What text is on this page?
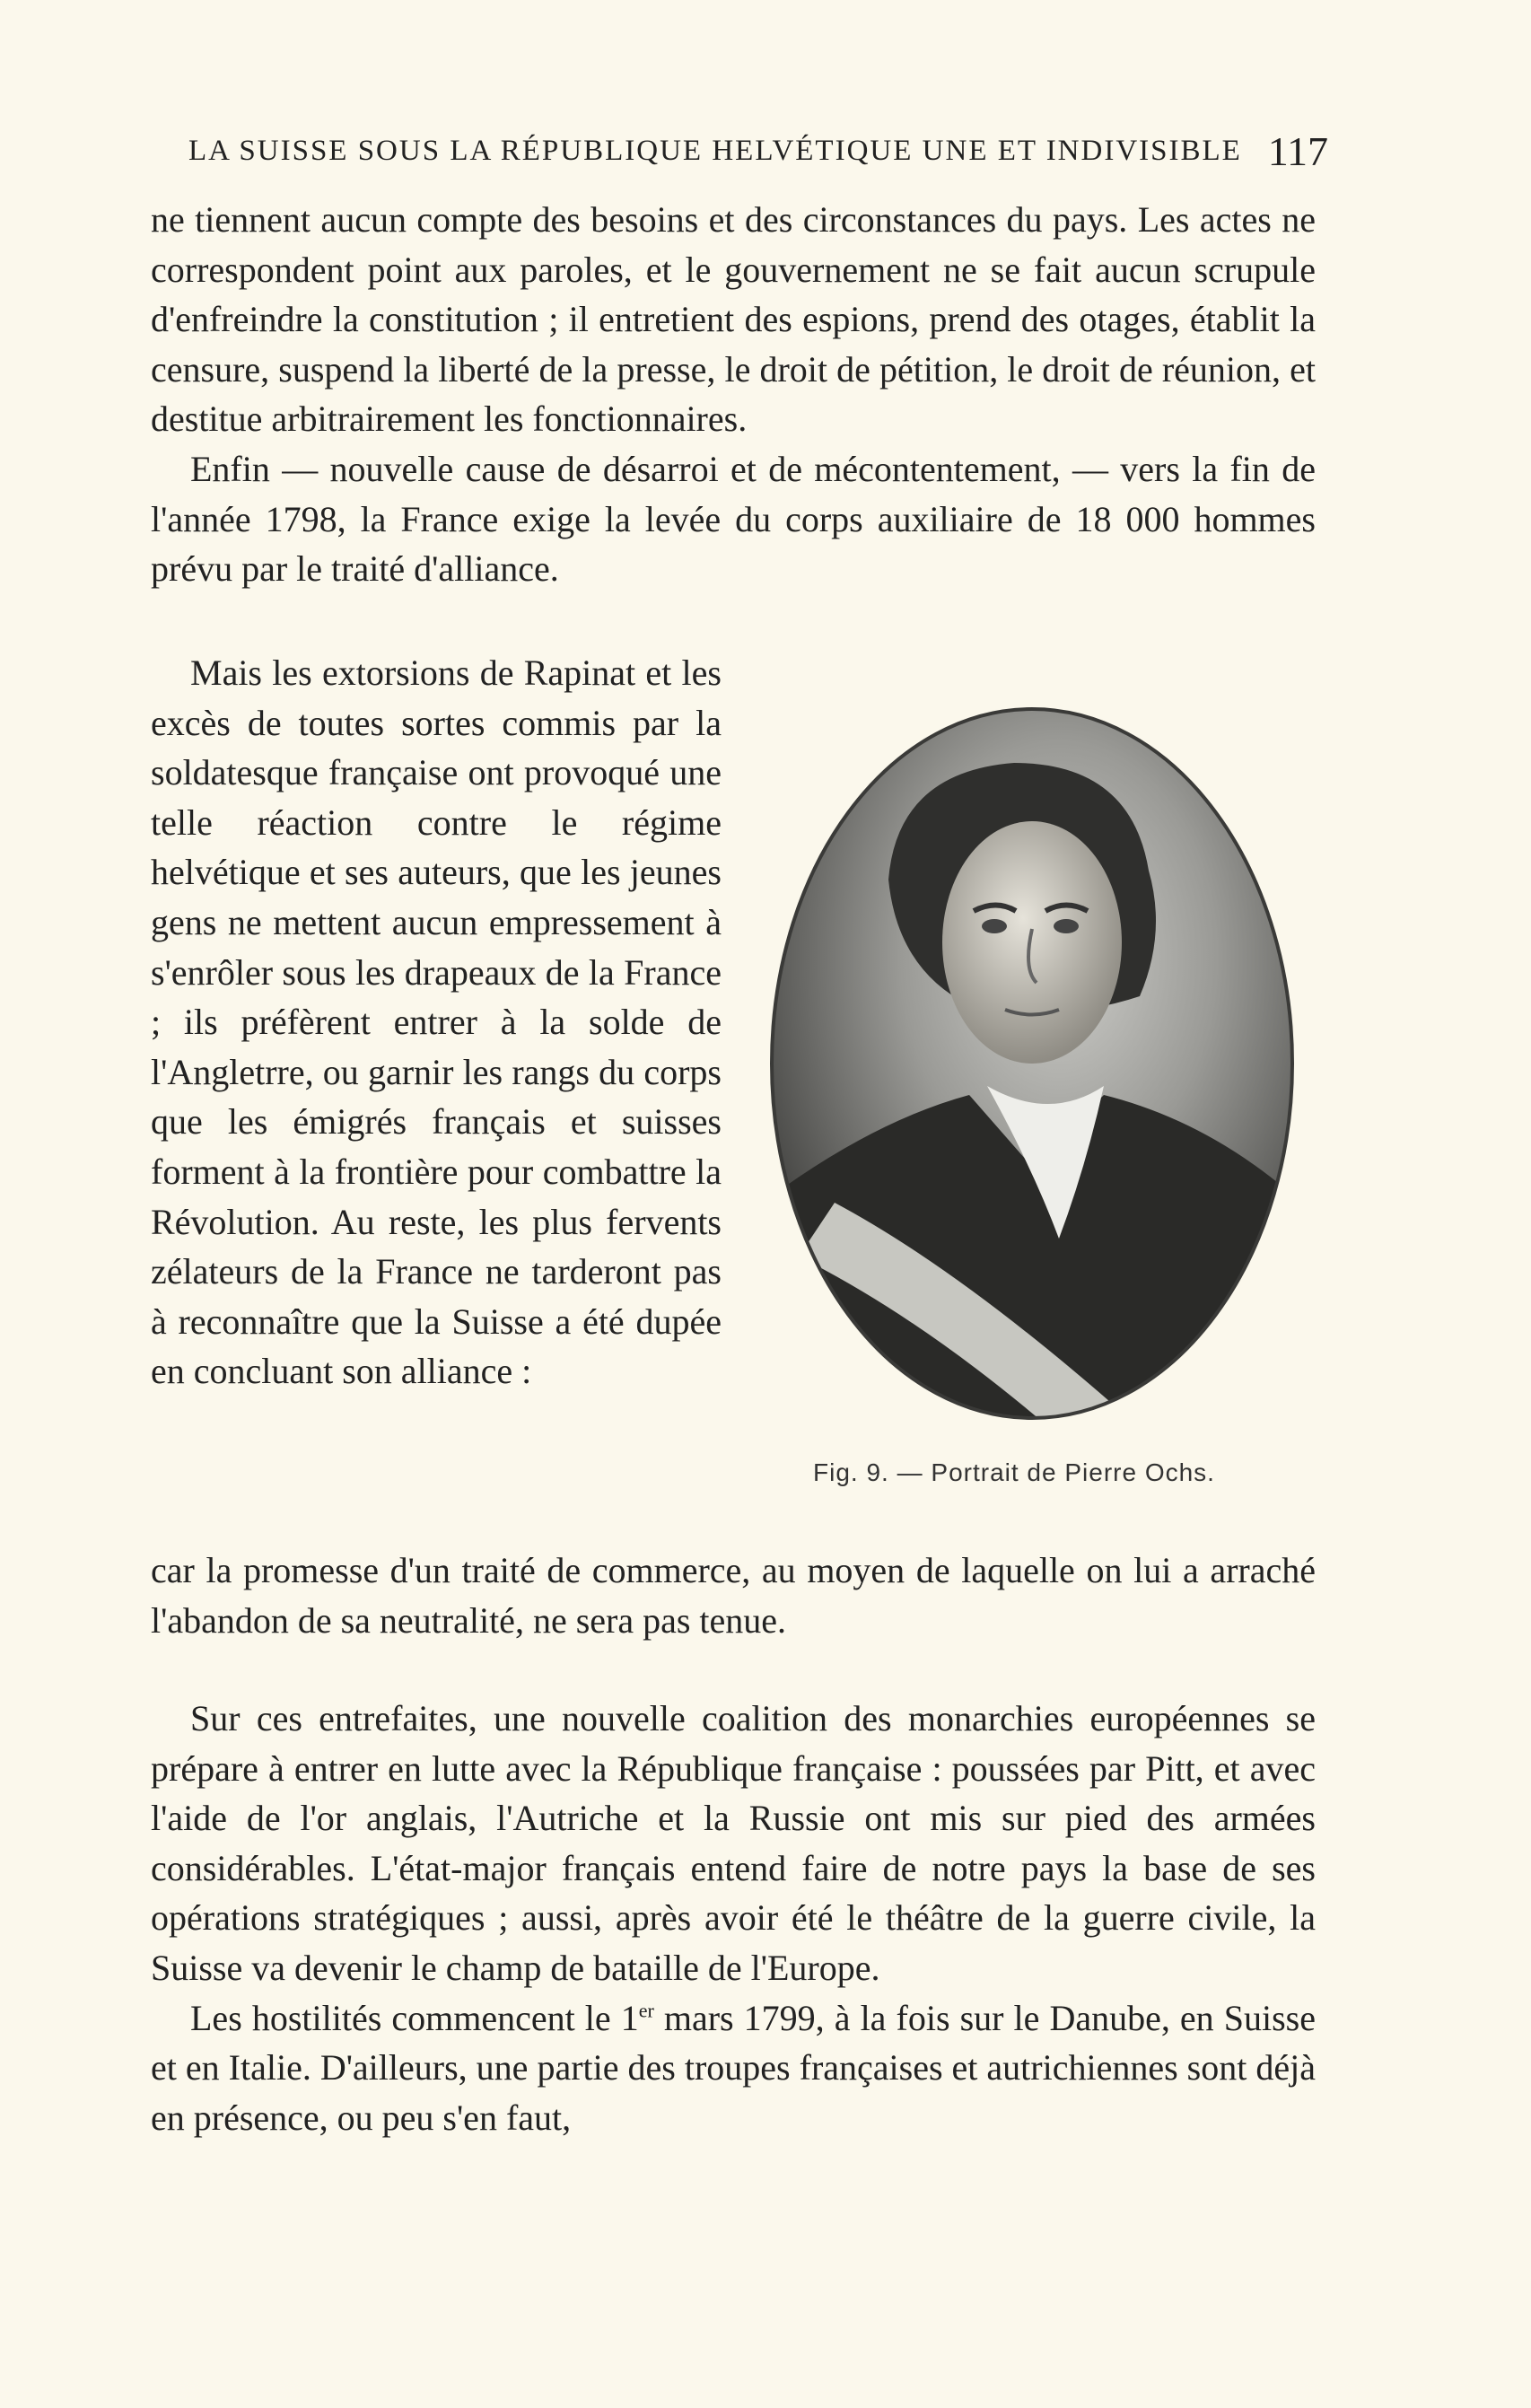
LA SUISSE SOUS LA RÉPUBLIQUE HELVÉTIQUE UNE ET INDIVISIBLE 117

ne tiennent aucun compte des besoins et des circonstances du pays. Les actes ne correspondent point aux paroles, et le gouvernement ne se fait aucun scrupule d'enfreindre la constitution ; il entretient des espions, prend des otages, établit la censure, suspend la liberté de la presse, le droit de pétition, le droit de réunion, et destitue arbitrairement les fonctionnaires.

Enfin — nouvelle cause de désarroi et de mécontentement, — vers la fin de l'année 1798, la France exige la levée du corps auxiliaire de 18 000 hommes prévu par le traité d'alliance.

Mais les extorsions de Rapinat et les excès de toutes sortes commis par la soldatesque française ont provoqué une telle réaction contre le régime helvétique et ses auteurs, que les jeunes gens ne mettent aucun empressement à s'enrôler sous les drapeaux de la France ; ils préfèrent entrer à la solde de l'Angletrre, ou garnir les rangs du corps que les émigrés français et suisses forment à la frontière pour combattre la Révolution. Au reste, les plus fervents zélateurs de la France ne tarderont pas à reconnaître que la Suisse a été dupée en concluant son alliance :

car la promesse d'un traité de commerce, au moyen de laquelle on lui a arraché l'abandon de sa neutralité, ne sera pas tenue.

Sur ces entrefaites, une nouvelle coalition des monarchies européennes se prépare à entrer en lutte avec la République française : poussées par Pitt, et avec l'aide de l'or anglais, l'Autriche et la Russie ont mis sur pied des armées considérables. L'état-major français entend faire de notre pays la base de ses opérations stratégiques ; aussi, après avoir été le théâtre de la guerre civile, la Suisse va devenir le champ de bataille de l'Europe.

Les hostilités commencent le 1er mars 1799, à la fois sur le Danube, en Suisse et en Italie. D'ailleurs, une partie des troupes françaises et autrichiennes sont déjà en présence, ou peu s'en faut,

Fig. 9. — Portrait de Pierre Ochs.
